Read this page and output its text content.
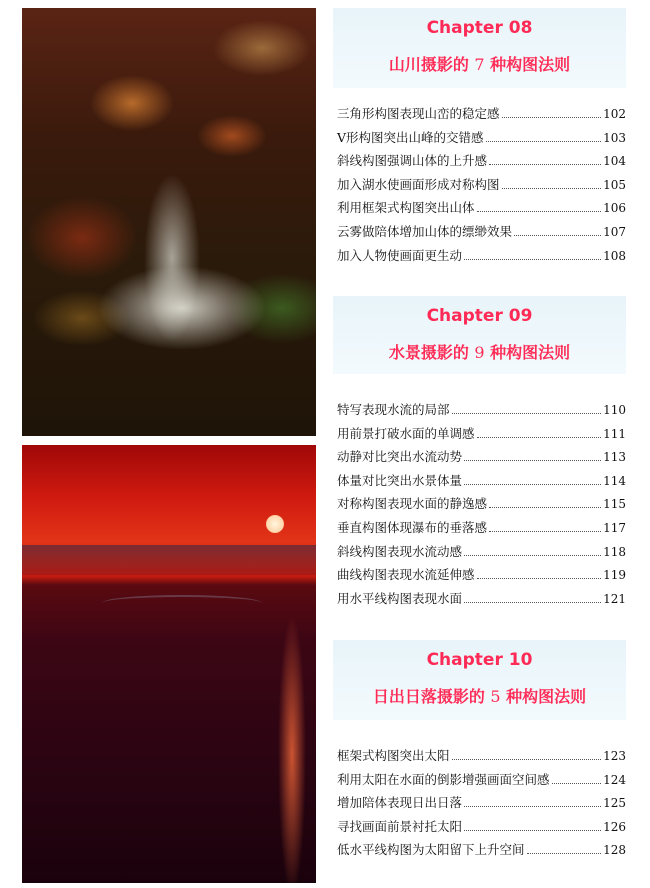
Chapter 08
山川摄影的 7 种构图法则
三角形构图表现山峦的稳定感	102
V形构图突出山峰的交错感	103
斜线构图强调山体的上升感	104
加入湖水使画面形成对称构图	105
利用框架式构图突出山体	106
云雾做陪体增加山体的缥缈效果	107
加入人物使画面更生动	108
Chapter 09
水景摄影的 9 种构图法则
特写表现水流的局部	110
用前景打破水面的单调感	111
动静对比突出水流动势	113
体量对比突出水景体量	114
对称构图表现水面的静逸感	115
垂直构图体现瀑布的垂落感	117
斜线构图表现水流动感	118
曲线构图表现水流延伸感	119
用水平线构图表现水面	121
Chapter 10
日出日落摄影的 5 种构图法则
框架式构图突出太阳	123
利用太阳在水面的倒影增强画面空间感	124
增加陪体表现日出日落	125
寻找画面前景衬托太阳	126
低水平线构图为太阳留下上升空间	128
